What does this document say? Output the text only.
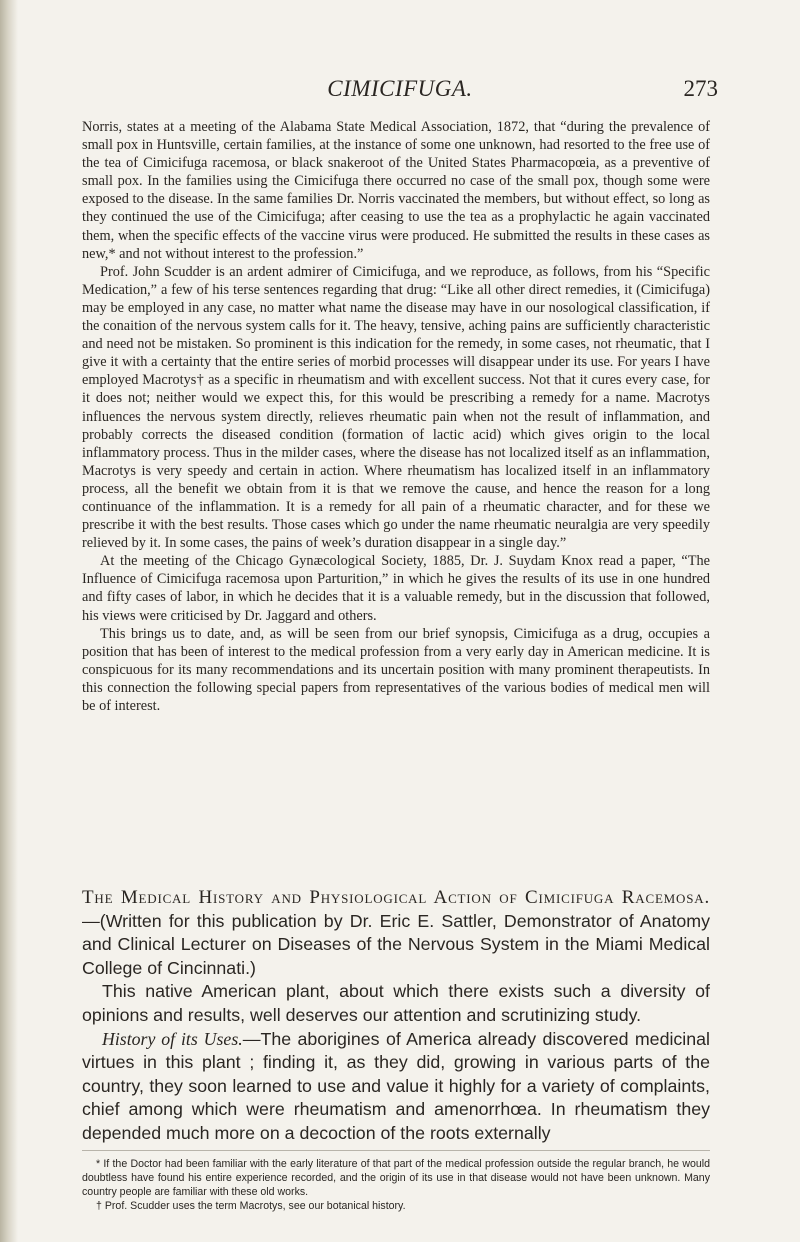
CIMICIFUGA.	273

Norris, states at a meeting of the Alabama State Medical Association, 1872, that “during the prevalence of small pox in Huntsville, certain families, at the instance of some one unknown, had resorted to the free use of the tea of Cimicifuga racemosa, or black snakeroot of the United States Pharmacopœia, as a preventive of small pox. In the families using the Cimicifuga there occurred no case of the small pox, though some were exposed to the disease. In the same families Dr. Norris vaccinated the members, but without effect, so long as they continued the use of the Cimicifuga; after ceasing to use the tea as a prophylactic he again vaccinated them, when the specific effects of the vaccine virus were produced. He submitted the results in these cases as new,* and not without interest to the profession.”

Prof. John Scudder is an ardent admirer of Cimicifuga, and we reproduce, as follows, from his “Specific Medication,” a few of his terse sentences regarding that drug: “Like all other direct remedies, it (Cimicifuga) may be employed in any case, no matter what name the disease may have in our nosological classification, if the conaition of the nervous system calls for it. The heavy, tensive, aching pains are sufficiently characteristic and need not be mistaken. So prominent is this indication for the remedy, in some cases, not rheumatic, that I give it with a certainty that the entire series of morbid processes will disappear under its use. For years I have employed Macrotys† as a specific in rheumatism and with excellent success. Not that it cures every case, for it does not; neither would we expect this, for this would be prescribing a remedy for a name. Macrotys influences the nervous system directly, relieves rheumatic pain when not the result of inflammation, and probably corrects the diseased condition (formation of lactic acid) which gives origin to the local inflammatory process. Thus in the milder cases, where the disease has not localized itself as an inflammation, Macrotys is very speedy and certain in action. Where rheumatism has localized itself in an inflammatory process, all the benefit we obtain from it is that we remove the cause, and hence the reason for a long continuance of the inflammation. It is a remedy for all pain of a rheumatic character, and for these we prescribe it with the best results. Those cases which go under the name rheumatic neuralgia are very speedily relieved by it. In some cases, the pains of week’s duration disappear in a single day.”

At the meeting of the Chicago Gynæcological Society, 1885, Dr. J. Suydam Knox read a paper, “The Influence of Cimicifuga racemosa upon Parturition,” in which he gives the results of its use in one hundred and fifty cases of labor, in which he decides that it is a valuable remedy, but in the discussion that followed, his views were criticised by Dr. Jaggard and others.

This brings us to date, and, as will be seen from our brief synopsis, Cimicifuga as a drug, occupies a position that has been of interest to the medical profession from a very early day in American medicine. It is conspicuous for its many recommendations and its uncertain position with many prominent therapeutists. In this connection the following special papers from representatives of the various bodies of medical men will be of interest.

The Medical History and Physiological Action of Cimicifuga Racemosa.—(Written for this publication by Dr. Eric E. Sattler, Demonstrator of Anatomy and Clinical Lecturer on Diseases of the Nervous System in the Miami Medical College of Cincinnati.)

This native American plant, about which there exists such a diversity of opinions and results, well deserves our attention and scrutinizing study.

History of its Uses.—The aborigines of America already discovered medicinal virtues in this plant ; finding it, as they did, growing in various parts of the country, they soon learned to use and value it highly for a variety of complaints, chief among which were rheumatism and amenorrhœa. In rheumatism they depended much more on a decoction of the roots externally

* If the Doctor had been familiar with the early literature of that part of the medical profession outside the regular branch, he would doubtless have found his entire experience recorded, and the origin of its use in that disease would not have been unknown. Many country people are familiar with these old works.

† Prof. Scudder uses the term Macrotys, see our botanical history.
